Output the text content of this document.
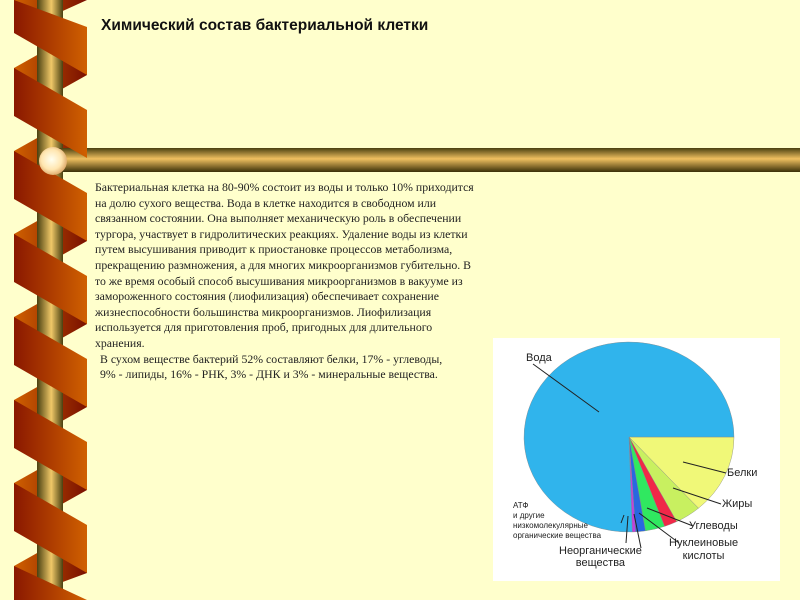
Химический состав бактериальной клетки
Бактериальная клетка на 80-90% состоит из воды и только 10% приходится
на долю сухого вещества. Вода в клетке находится в свободном или
связанном состоянии. Она выполняет механическую роль в обеспечении
тургора, участвует в гидролитических реакциях. Удаление воды из клетки
путем высушивания приводит к приостановке процессов метаболизма,
прекращению размножения, а для многих микроорганизмов губительно. В
то же время особый способ высушивания микроорганизмов в вакууме из
замороженного состояния (лиофилизация) обеспечивает сохранение
жизнеспособности большинства микроорганизмов. Лиофилизация
используется для приготовления проб, пригодных для длительного
хранения.
В сухом веществе бактерий 52% составляют белки, 17% - углеводы,
9% - липиды, 16% - РНК, 3% - ДНК и 3% - минеральные вещества.
Вода
Белки
Жиры
Углеводы
Нуклеиновые
кислоты
Неорганические
вещества
АТФ
и другие
низкомолекулярные
органические вещества
